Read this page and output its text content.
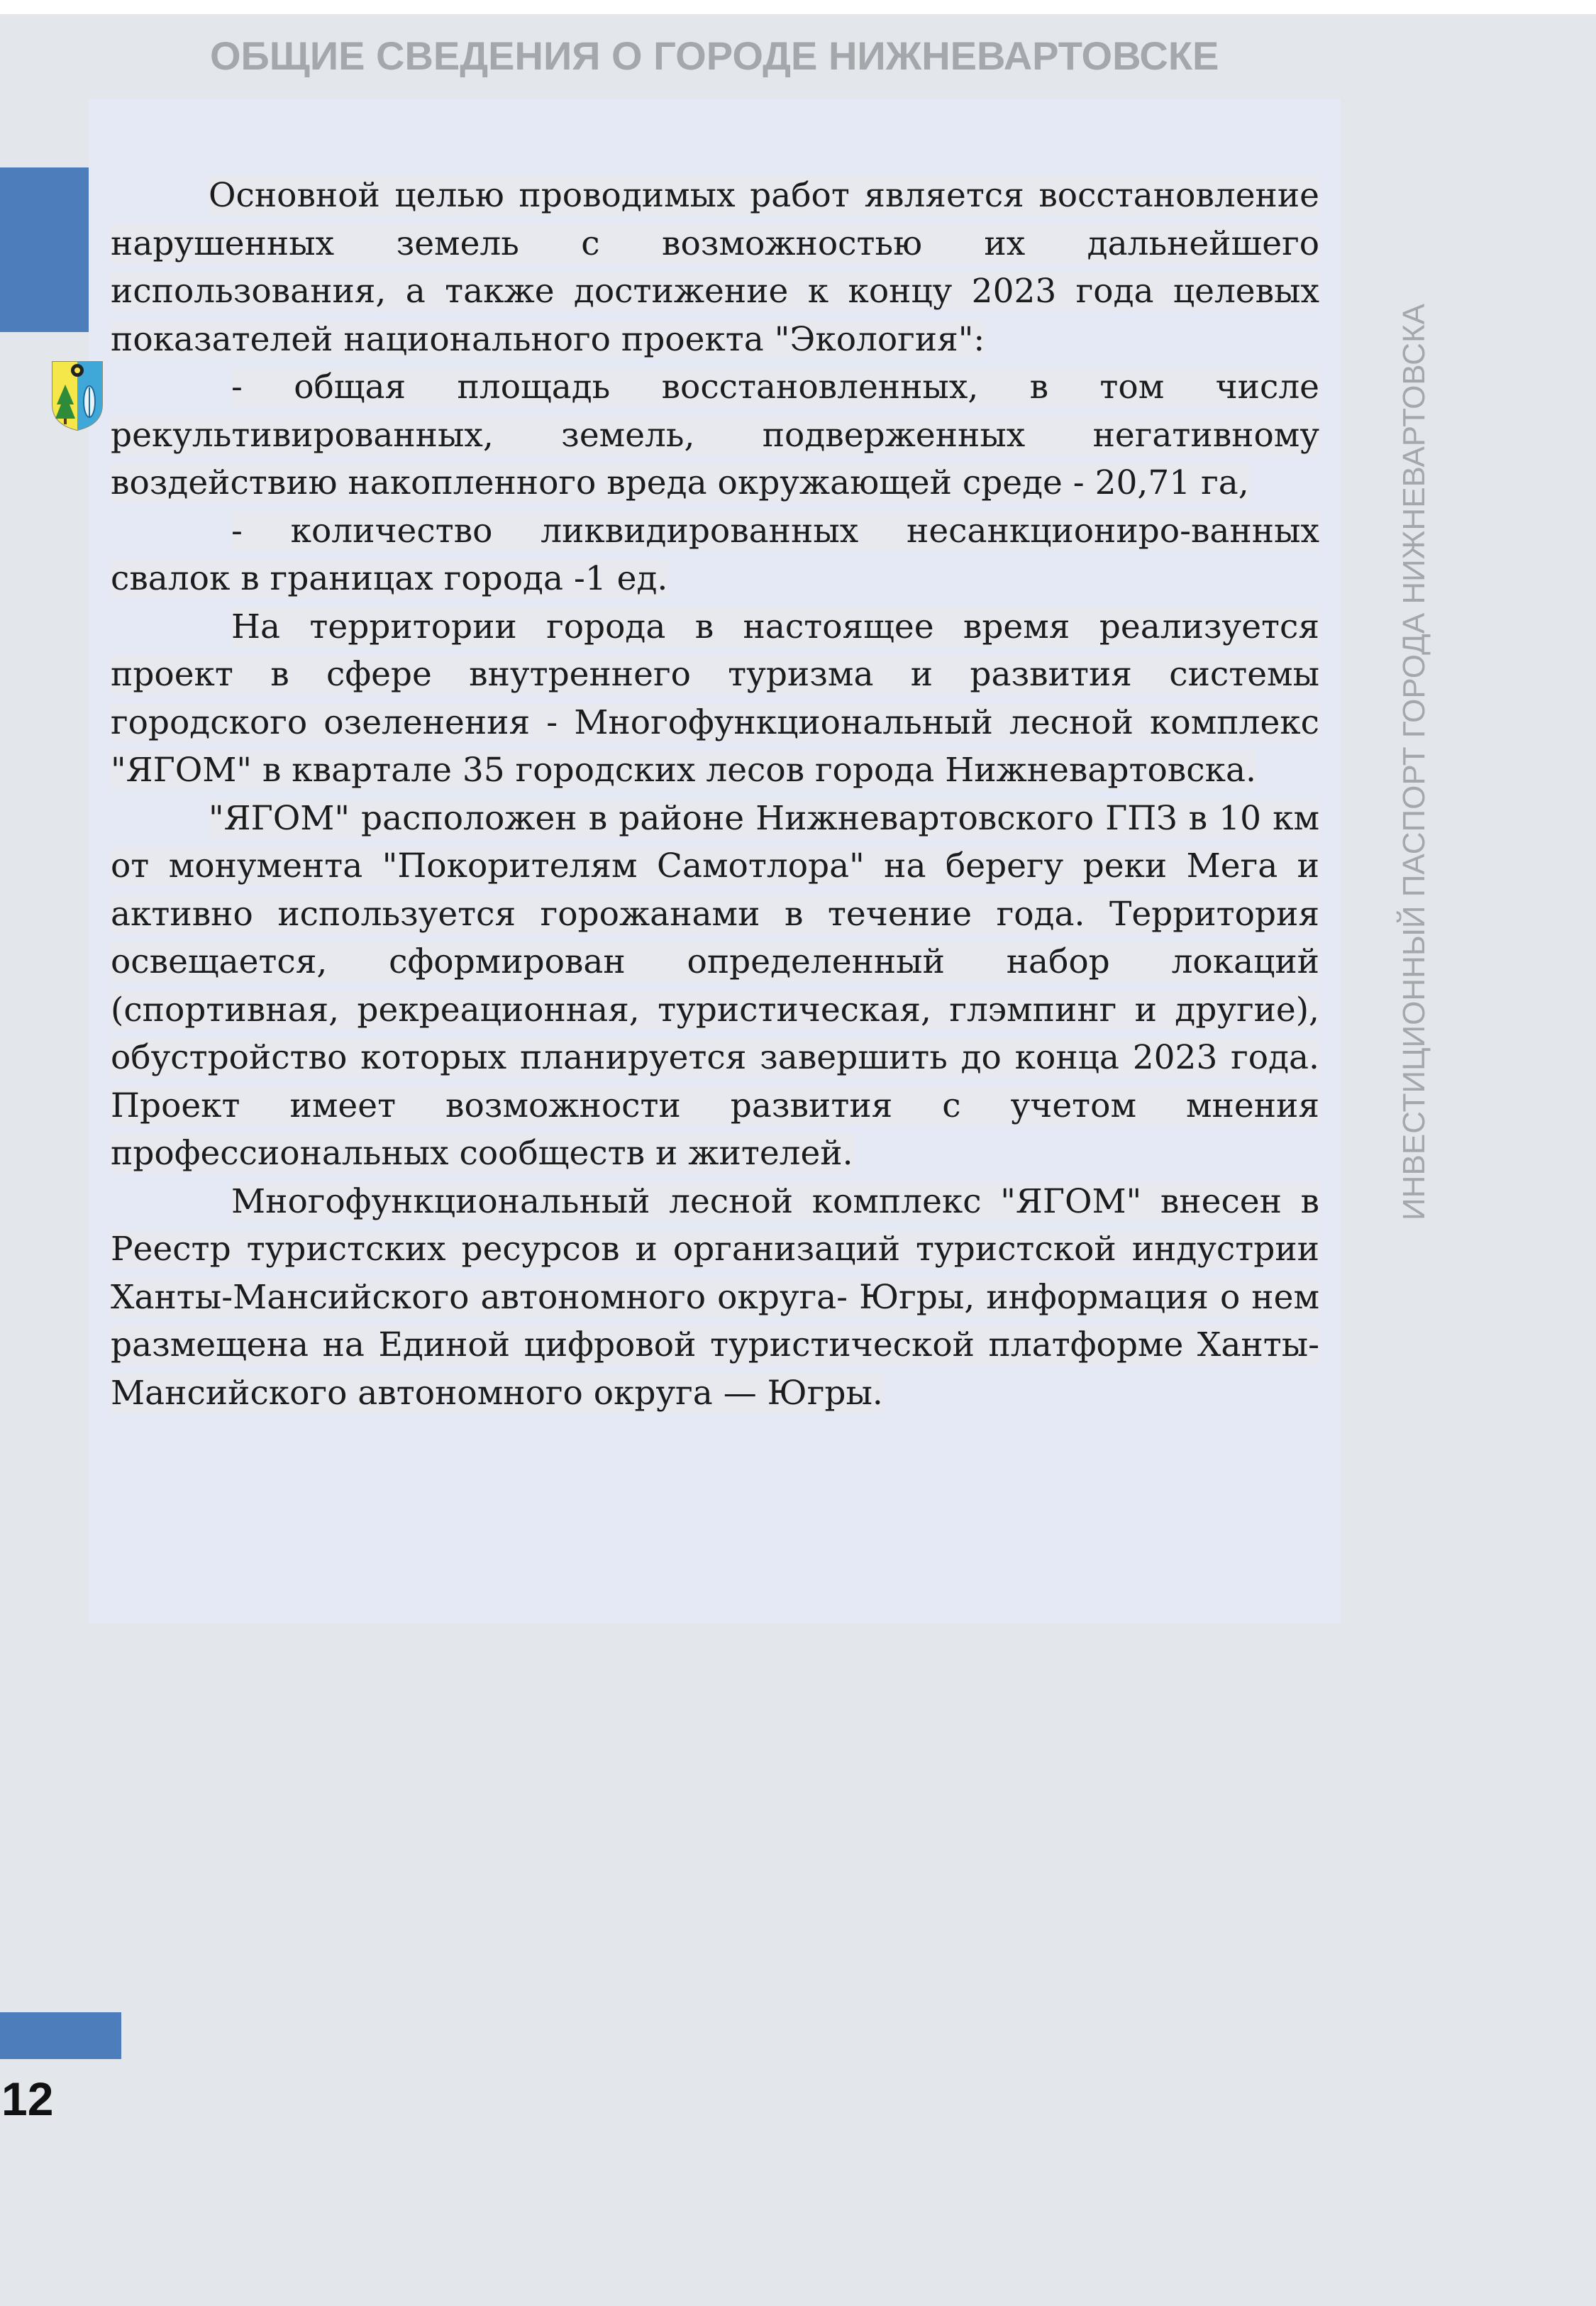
ОБЩИЕ СВЕДЕНИЯ О ГОРОДЕ НИЖНЕВАРТОВСКЕ
ИНВЕСТИЦИОННЫЙ ПАСПОРТ ГОРОДА НИЖНЕВАРТОВСКА

Основной целью проводимых работ является восстановление нарушенных земель с возможностью их дальнейшего использования, а также достижение к концу 2023 года целевых показателей национального проекта "Экология":

- общая площадь восстановленных, в том числе рекультивированных, земель, подверженных негативному воздействию накопленного вреда окружающей среде - 20,71 га,

- количество ликвидированных несанкциониро-ванных свалок в границах города -1 ед.

На территории города в настоящее время реализуется проект в сфере внутреннего туризма и развития системы городского озеленения - Многофункциональный лесной комплекс "ЯГОМ" в квартале 35 городских лесов города Нижневартовска.

"ЯГОМ" расположен в районе Нижневартовского ГПЗ в 10 км от монумента "Покорителям Самотлора" на берегу реки Мега и активно используется горожанами в течение года. Территория освещается, сформирован определенный набор локаций (спортивная, рекреационная, туристическая, глэмпинг и другие), обустройство которых планируется завершить до конца 2023 года. Проект имеет возможности развития с учетом мнения профессиональных сообществ и жителей.

Многофункциональный лесной комплекс "ЯГОМ" внесен в Реестр туристских ресурсов и организаций туристской индустрии Ханты-Мансийского автономного округа- Югры, информация о нем размещена на Единой цифровой туристической платформе Ханты-Мансийского автономного округа — Югры.

12
